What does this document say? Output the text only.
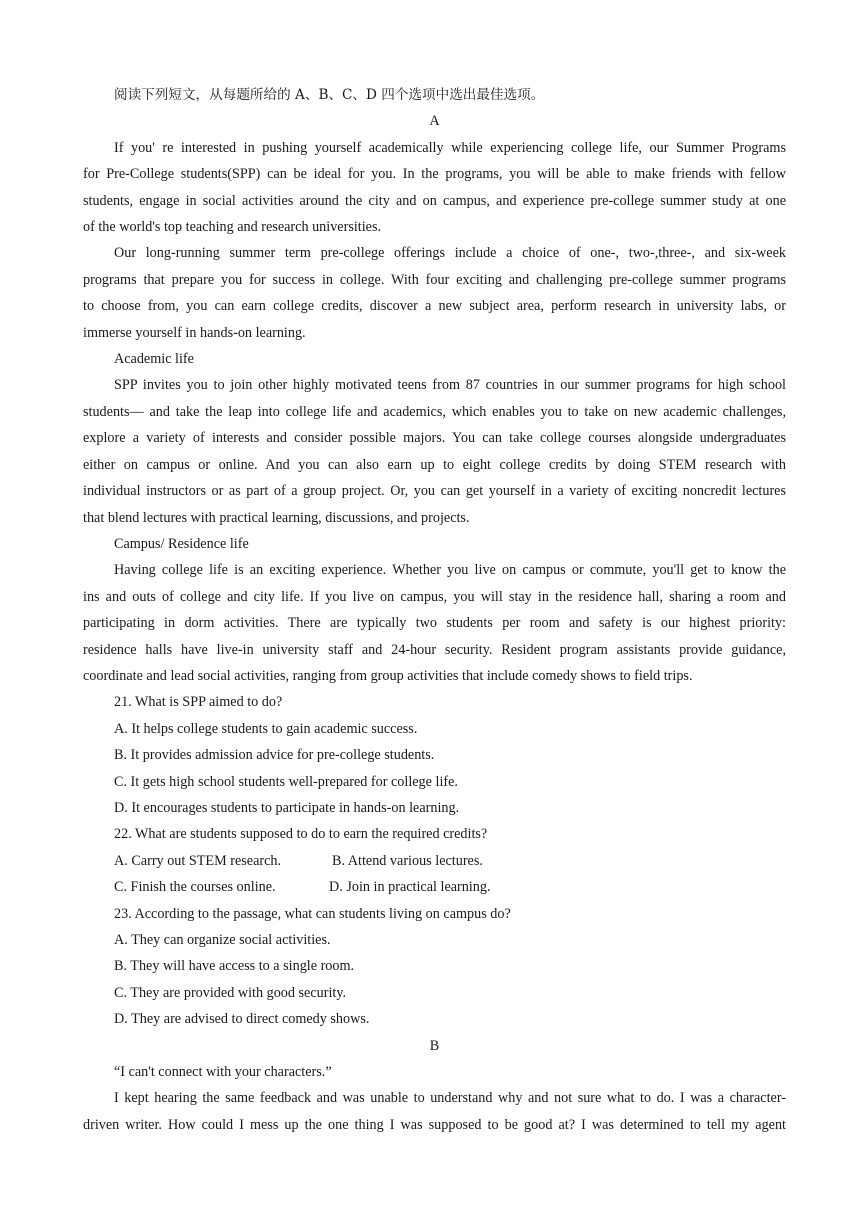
阅读下列短文，从每题所给的 A、B、C、D 四个选项中选出最佳选项。

A

If you' re interested in pushing yourself academically while experiencing college life, our Summer Programs

for Pre-College students(SPP) can be ideal for you. In the programs, you will be able to make friends with fellow

students, engage in social activities around the city and on campus, and experience pre-college summer study at one

of the world's top teaching and research universities.

Our long-running summer term pre-college offerings include a choice of one-, two-,three-, and six-week

programs that prepare you for success in college. With four exciting and challenging pre-college summer programs

to choose from, you can earn college credits, discover a new subject area, perform research in university labs, or

immerse yourself in hands-on learning.

Academic life

SPP invites you to join other highly motivated teens from 87 countries in our summer programs for high school

students— and take the leap into college life and academics, which enables you to take on new academic challenges,

explore a variety of interests and consider possible majors. You can take college courses alongside undergraduates

either on campus or online. And you can also earn up to eight college credits by doing STEM research with

individual instructors or as part of a group project. Or, you can get yourself in a variety of exciting noncredit lectures

that blend lectures with practical learning, discussions, and projects.

Campus/ Residence life

Having college life is an exciting experience. Whether you live on campus or commute, you'll get to know the

ins and outs of college and city life. If you live on campus, you will stay in the residence hall, sharing a room and

participating in dorm activities. There are typically two students per room and safety is our highest priority:

residence halls have live-in university staff and 24-hour security. Resident program assistants provide guidance,

coordinate and lead social activities, ranging from group activities that include comedy shows to field trips.

21. What is SPP aimed to do?

A. It helps college students to gain academic success.

B. It provides admission advice for pre-college students.

C. It gets high school students well-prepared for college life.

D. It encourages students to participate in hands-on learning.

22. What are students supposed to do to earn the required credits?

A. Carry out STEM research.	B. Attend various lectures.

C. Finish the courses online.	D. Join in practical learning.

23. According to the passage, what can students living on campus do?

A. They can organize social activities.

B. They will have access to a single room.

C. They are provided with good security.

D. They are advised to direct comedy shows.

B

“I can't connect with your characters.”

I kept hearing the same feedback and was unable to understand why and not sure what to do. I was a character-

driven writer. How could I mess up the one thing I was supposed to be good at? I was determined to tell my agent
